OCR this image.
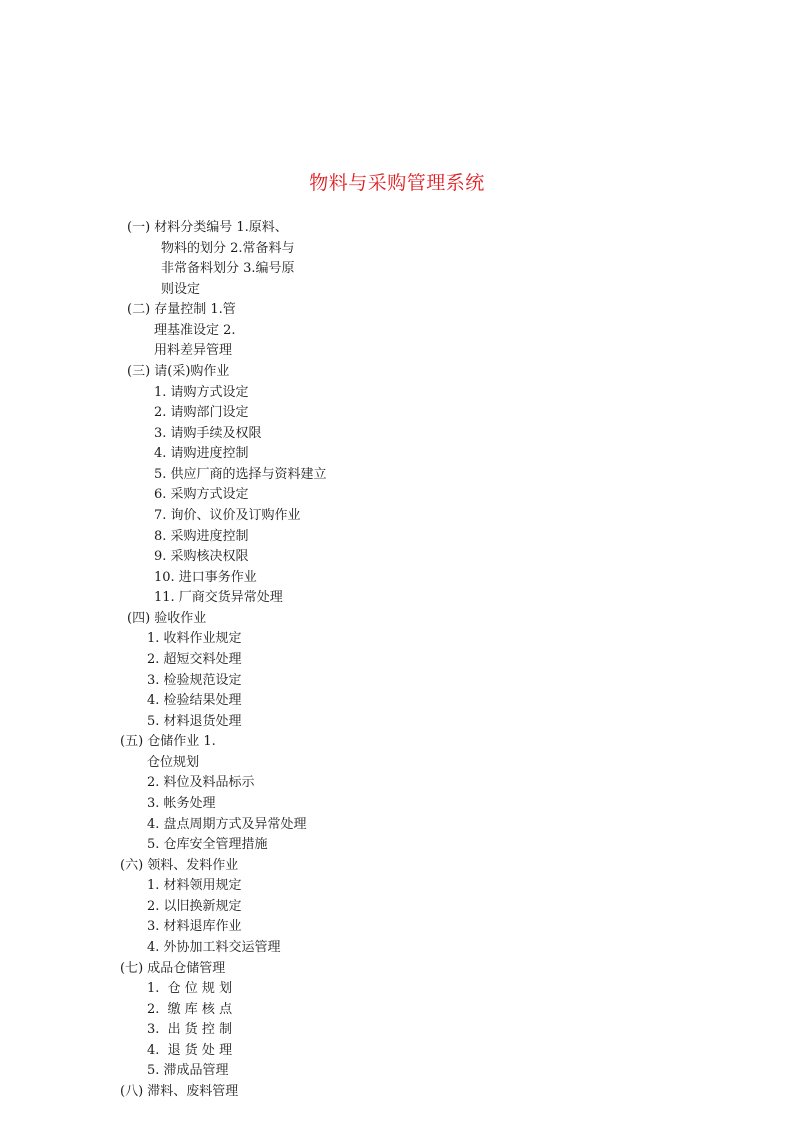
物料与采购管理系统
(一) 材料分类编号 1.原料、
物料的划分 2.常备料与
非常备料划分 3.编号原
则设定
(二) 存量控制 1.管
理基准设定 2.
用料差异管理
(三) 请(采)购作业
1. 请购方式设定
2. 请购部门设定
3. 请购手续及权限
4. 请购进度控制
5. 供应厂商的选择与资料建立
6. 采购方式设定
7. 询价、议价及订购作业
8. 采购进度控制
9. 采购核决权限
10. 进口事务作业
11. 厂商交货异常处理
(四) 验收作业
1. 收料作业规定
2. 超短交料处理
3. 检验规范设定
4. 检验结果处理
5. 材料退货处理
(五) 仓储作业 1.
仓位规划
2. 料位及料品标示
3. 帐务处理
4. 盘点周期方式及异常处理
5. 仓库安全管理措施
(六) 领料、发料作业
1. 材料领用规定
2. 以旧换新规定
3. 材料退库作业
4. 外协加工料交运管理
(七) 成品仓储管理
1.  仓 位 规 划
2.  缴 库 核 点
3.  出 货 控 制
4.  退 货 处 理
5. 滞成品管理
(八) 滞料、废料管理
